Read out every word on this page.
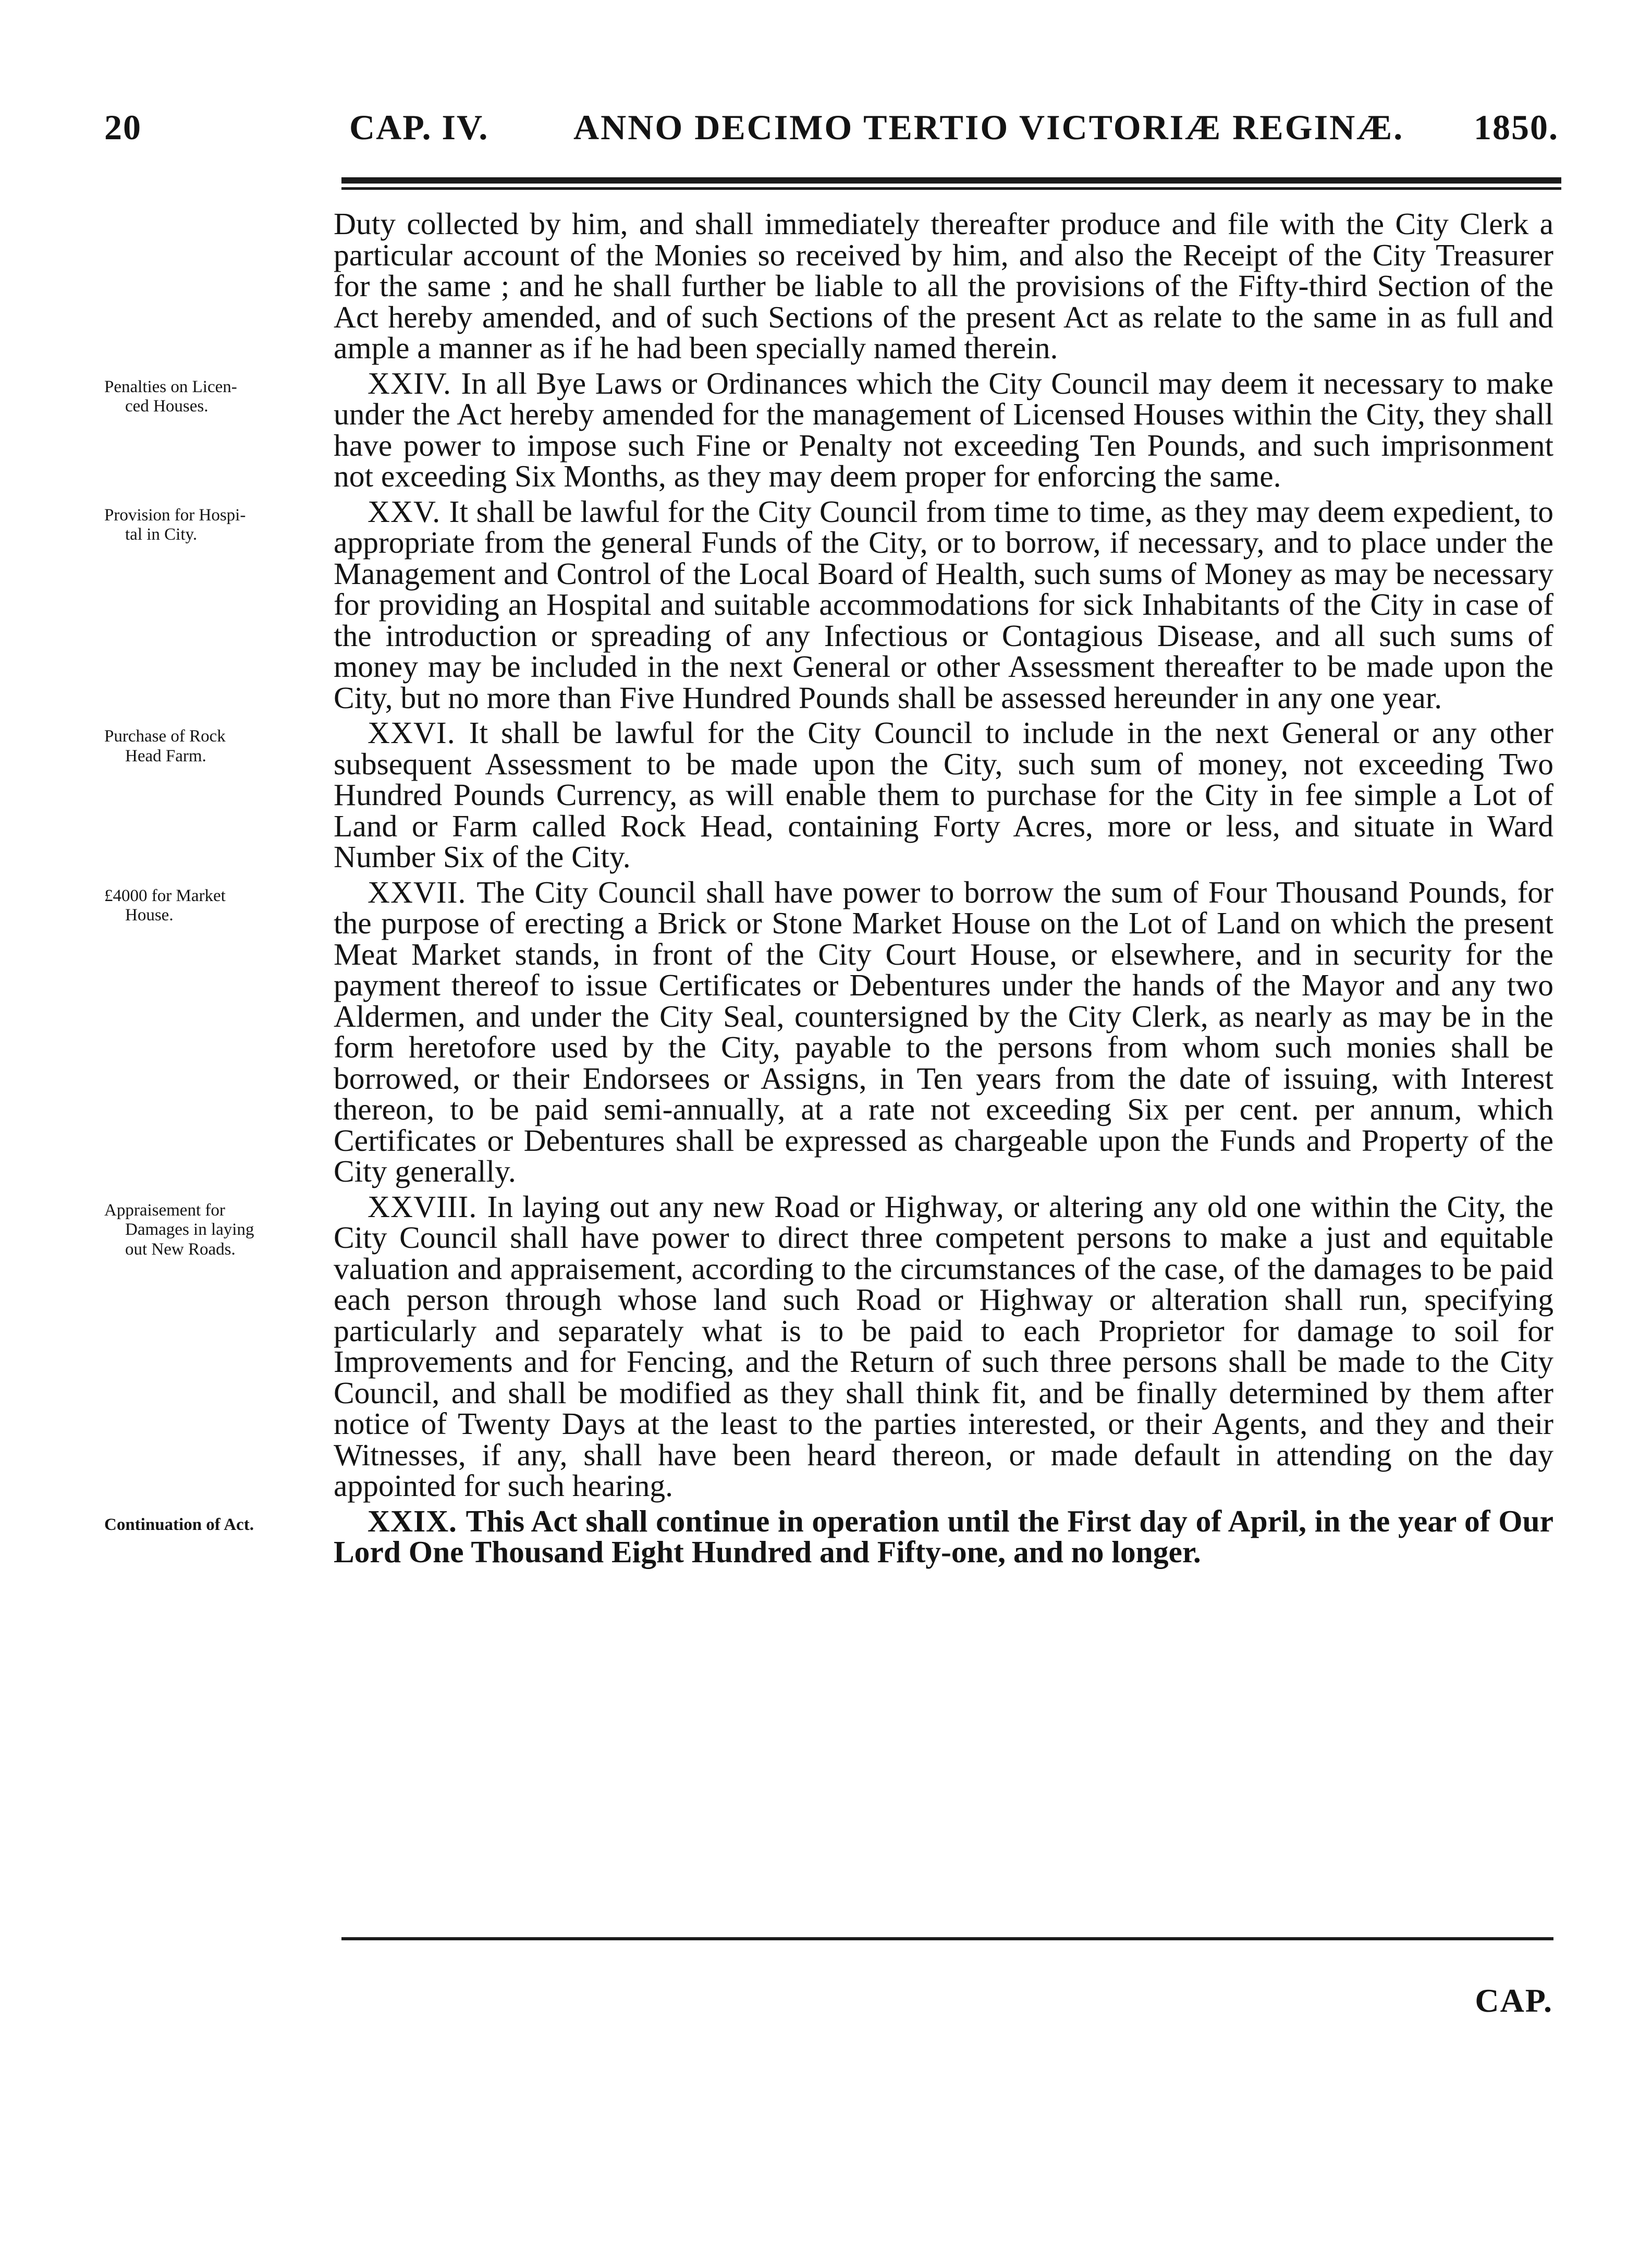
20	CAP. IV. ANNO DECIMO TERTIO VICTORIÆ REGINÆ. 1850.

Duty collected by him, and shall immediately thereafter produce and file with the City Clerk a particular account of the Monies so received by him, and also the Receipt of the City Treasurer for the same ; and he shall further be liable to all the provisions of the Fifty-third Section of the Act hereby amended, and of such Sections of the present Act as relate to the same in as full and ample a manner as if he had been specially named therein.

Penalties on Licen-
ced Houses.
XXIV. In all Bye Laws or Ordinances which the City Council may deem it necessary to make under the Act hereby amended for the management of Licensed Houses within the City, they shall have power to impose such Fine or Penalty not exceeding Ten Pounds, and such imprisonment not exceeding Six Months, as they may deem proper for enforcing the same.

Provision for Hospi-
tal in City.
XXV. It shall be lawful for the City Council from time to time, as they may deem expedient, to appropriate from the general Funds of the City, or to borrow, if necessary, and to place under the Management and Control of the Local Board of Health, such sums of Money as may be necessary for providing an Hospital and suitable accommodations for sick Inhabitants of the City in case of the introduction or spreading of any Infectious or Contagious Disease, and all such sums of money may be included in the next General or other Assessment thereafter to be made upon the City, but no more than Five Hundred Pounds shall be assessed hereunder in any one year.

Purchase of Rock
Head Farm.
XXVI. It shall be lawful for the City Council to include in the next General or any other subsequent Assessment to be made upon the City, such sum of money, not exceeding Two Hundred Pounds Currency, as will enable them to purchase for the City in fee simple a Lot of Land or Farm called Rock Head, containing Forty Acres, more or less, and situate in Ward Number Six of the City.

£4000 for Market
House.
XXVII. The City Council shall have power to borrow the sum of Four Thousand Pounds, for the purpose of erecting a Brick or Stone Market House on the Lot of Land on which the present Meat Market stands, in front of the City Court House, or elsewhere, and in security for the payment thereof to issue Certificates or Debentures under the hands of the Mayor and any two Aldermen, and under the City Seal, countersigned by the City Clerk, as nearly as may be in the form heretofore used by the City, payable to the persons from whom such monies shall be borrowed, or their Endorsees or Assigns, in Ten years from the date of issuing, with Interest thereon, to be paid semi-annually, at a rate not exceeding Six per cent. per annum, which Certificates or Debentures shall be expressed as chargeable upon the Funds and Property of the City generally.

Appraisement for
Damages in laying
out New Roads.
XXVIII. In laying out any new Road or Highway, or altering any old one within the City, the City Council shall have power to direct three competent persons to make a just and equitable valuation and appraisement, according to the circumstances of the case, of the damages to be paid each person through whose land such Road or Highway or alteration shall run, specifying particularly and separately what is to be paid to each Proprietor for damage to soil for Improvements and for Fencing, and the Return of such three persons shall be made to the City Council, and shall be modified as they shall think fit, and be finally determined by them after notice of Twenty Days at the least to the parties interested, or their Agents, and they and their Witnesses, if any, shall have been heard thereon, or made default in attending on the day appointed for such hearing.

Continuation of Act.	XXIX. This Act shall continue in operation until the First day of April, in the year of Our Lord One Thousand Eight Hundred and Fifty-one, and no longer.

CAP.
